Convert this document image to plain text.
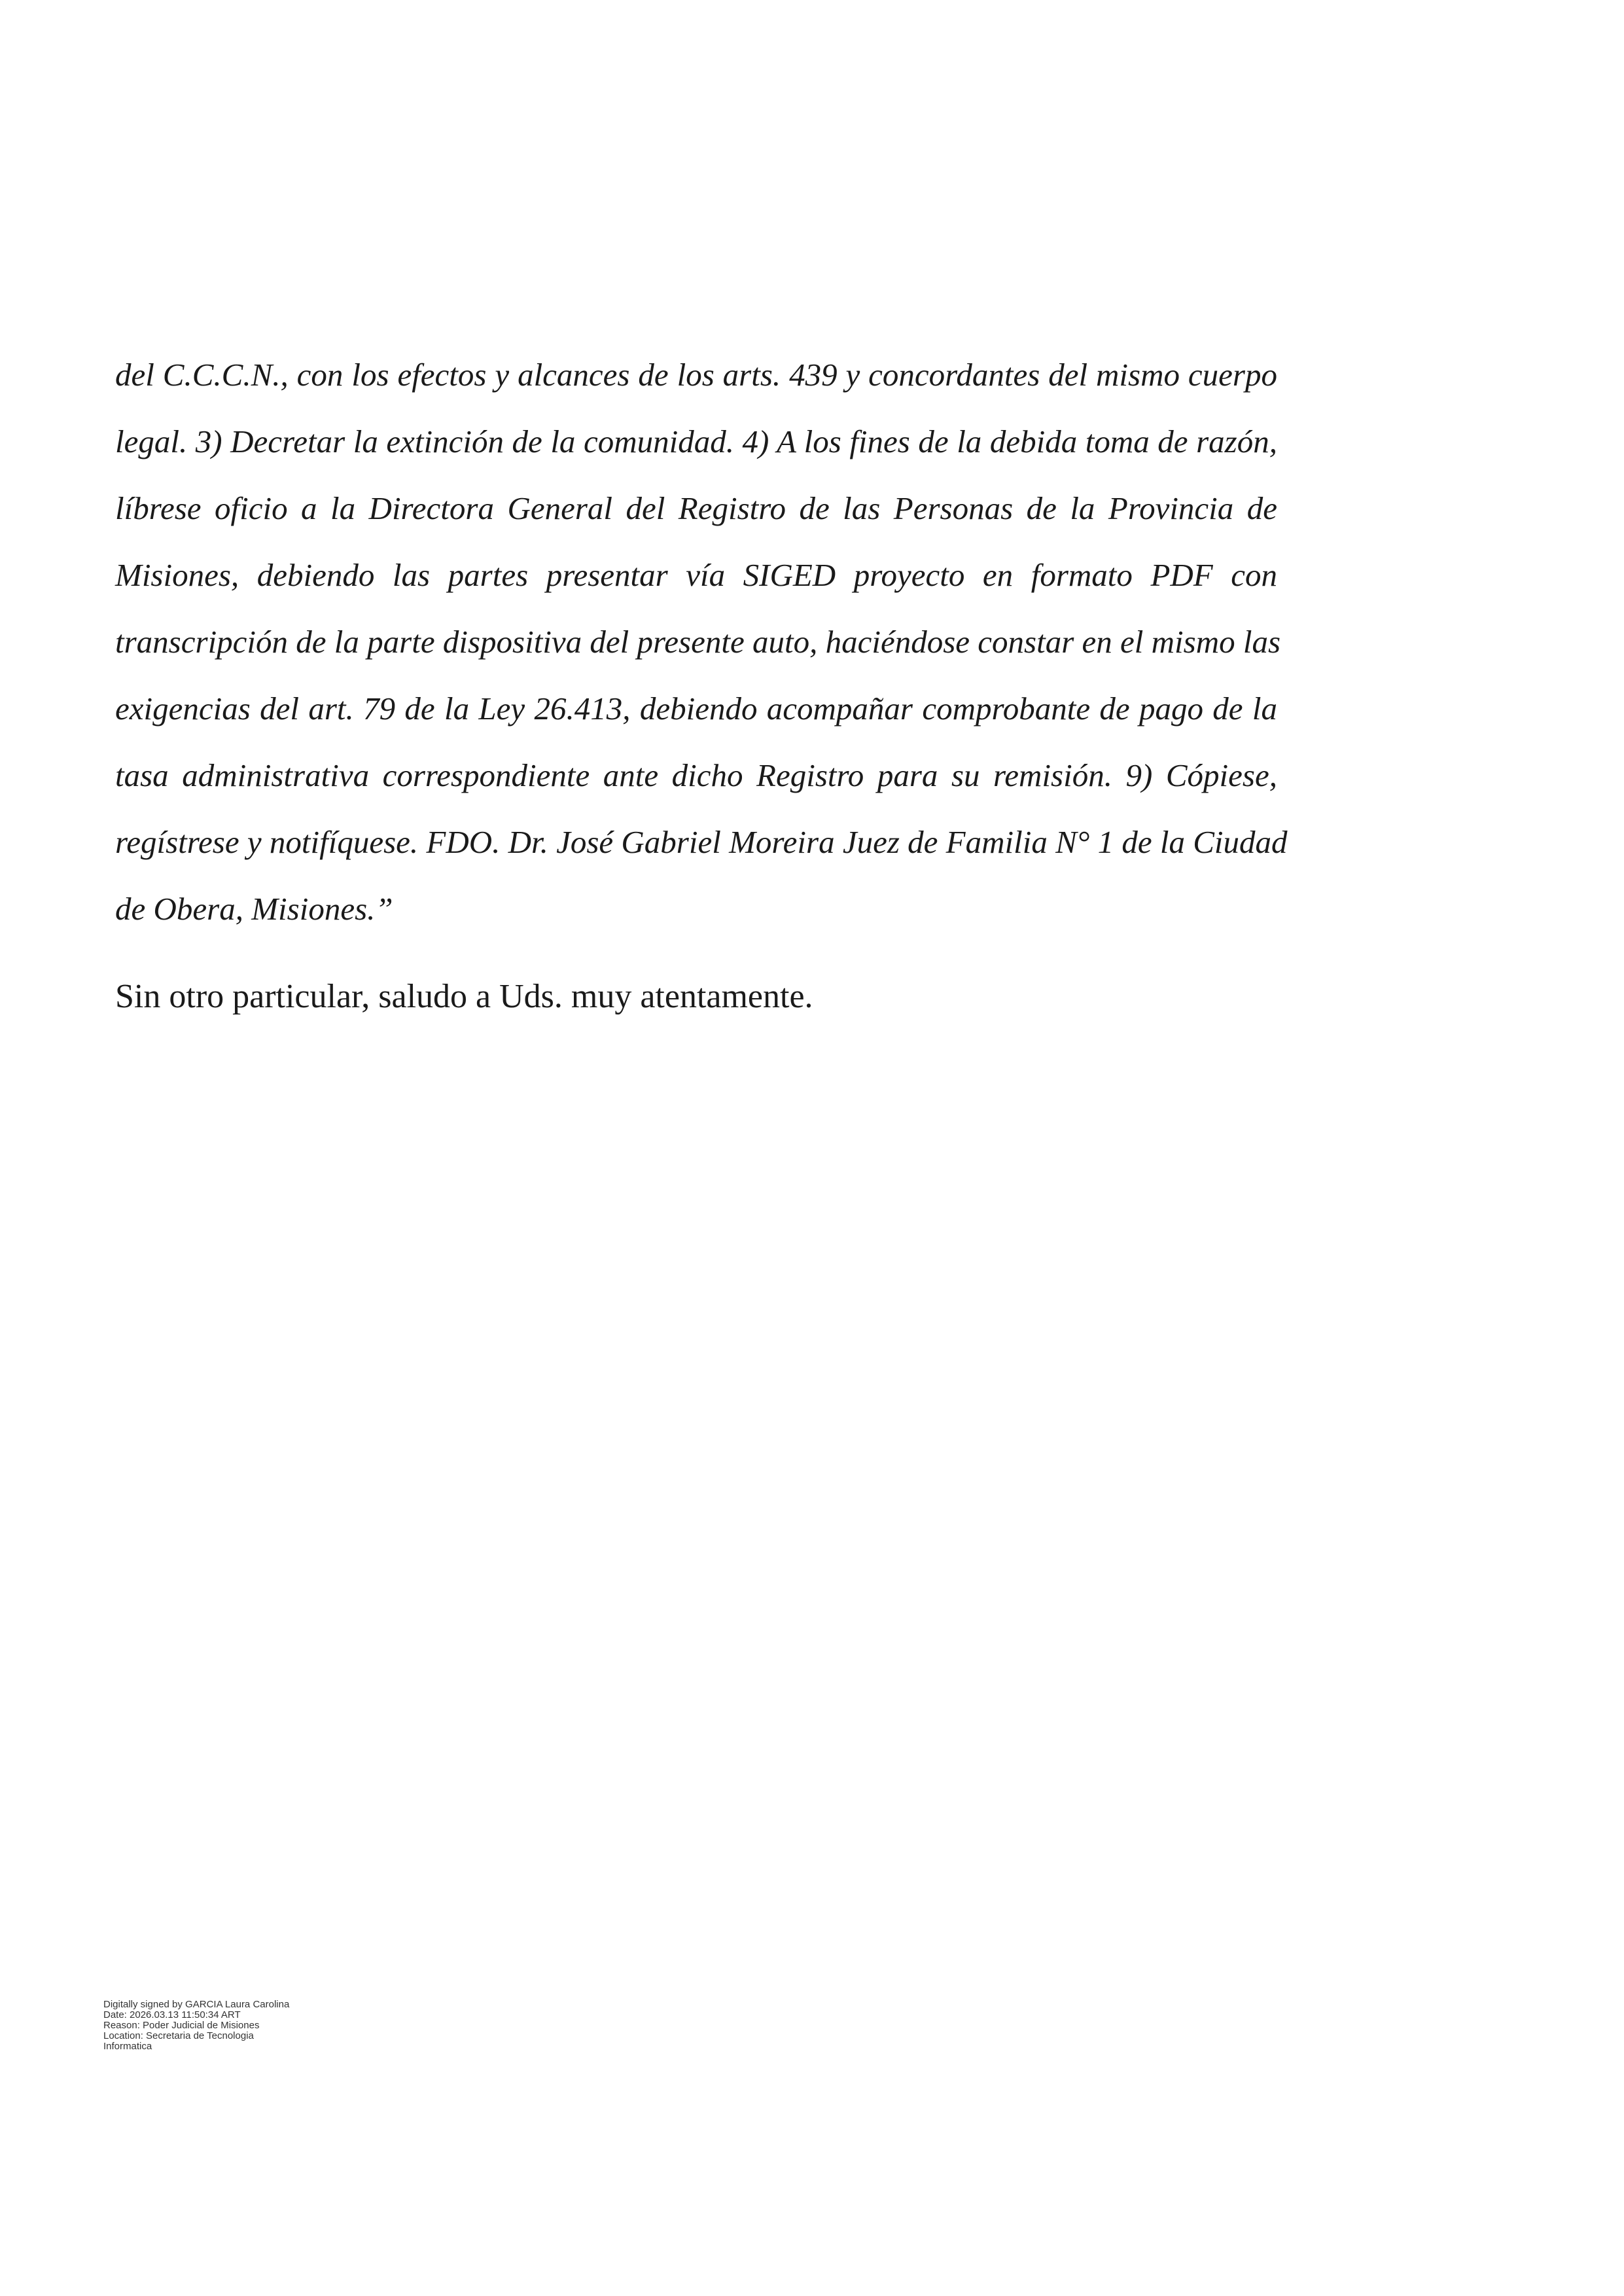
del C.C.C.N., con los efectos y alcances de los arts. 439 y concordantes del mismo cuerpo
legal. 3) Decretar la extinción de la comunidad. 4) A los fines de la debida toma de razón,
líbrese oficio a la Directora General del Registro de las Personas de la Provincia de
Misiones, debiendo las partes presentar vía SIGED proyecto en formato PDF con
transcripción de la parte dispositiva del presente auto, haciéndose constar en el mismo las
exigencias del art. 79 de la Ley 26.413, debiendo acompañar comprobante de pago de la
tasa administrativa correspondiente ante dicho Registro para su remisión. 9) Cópiese,
regístrese y notifíquese. FDO. Dr. José Gabriel Moreira Juez de Familia N° 1 de la Ciudad
de Obera, Misiones.”

Sin otro particular, saludo a Uds. muy atentamente.

Digitally signed by GARCIA Laura Carolina
Date: 2026.03.13 11:50:34 ART
Reason: Poder Judicial de Misiones
Location: Secretaria de Tecnologia
Informatica
